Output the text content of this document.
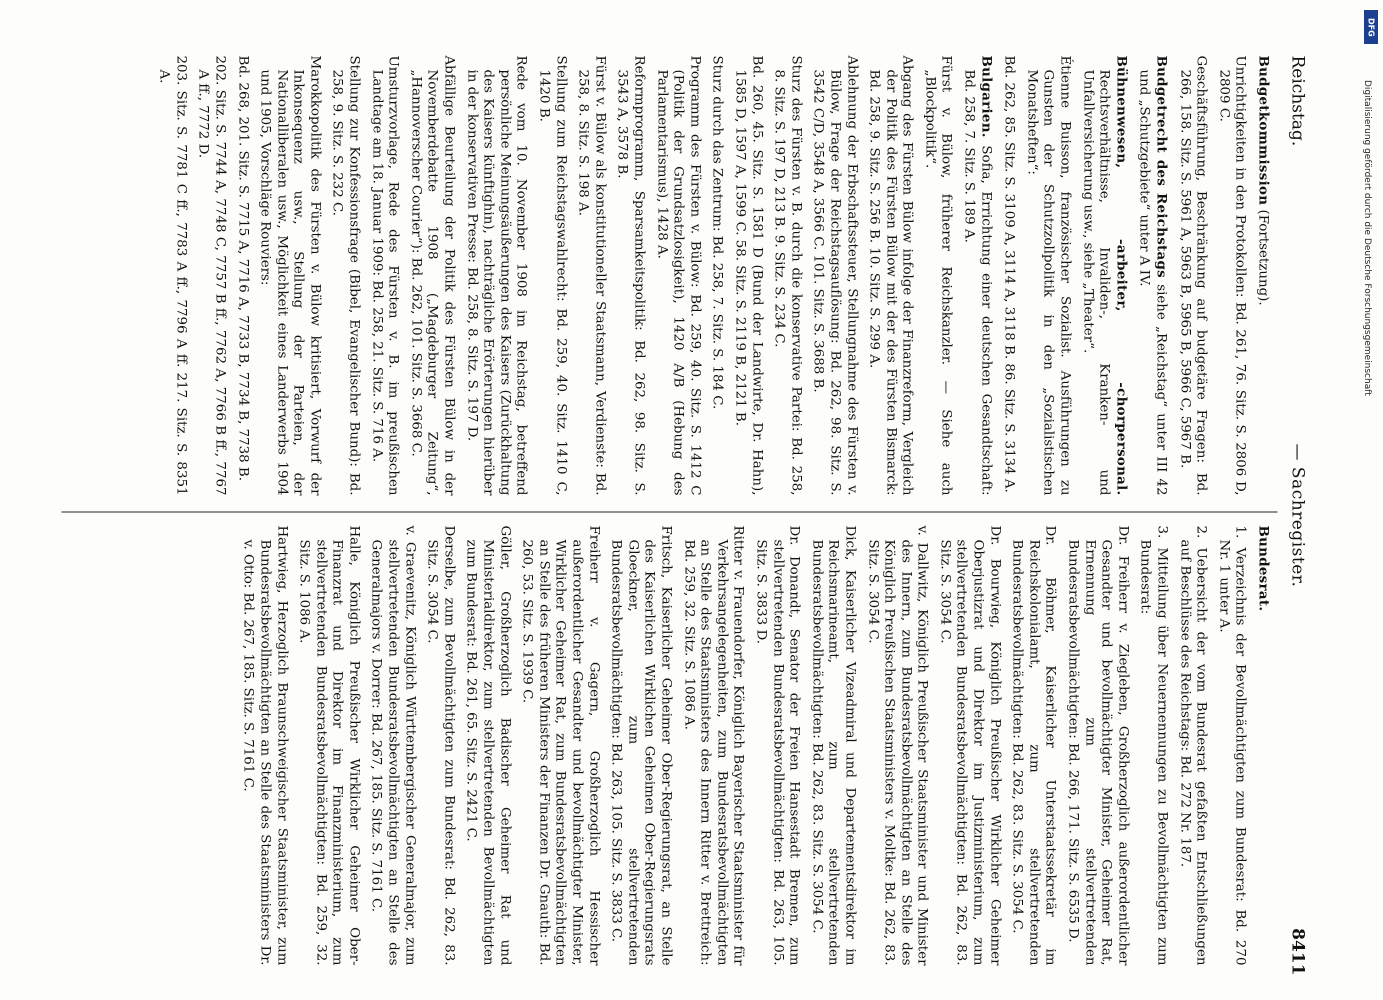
Reichstag.
— Sachregister.
8411
Budgetkommission (Fortsetzung).
Unrichtigkeiten in den Protokollen: Bd. 261, 76. Sitz. S. 2806 D, 2809 C.
Geschäftsführung, Beschränkung auf budgetäre Fragen: Bd. 266, 158. Sitz. S. 5961 A, 5963 B, 5965 B, 5966 C, 5967 B.
Budgetrecht des Reichstags siehe „Reichstag“ unter III 42 und „Schutzgebiete“ unter A IV.
Bühnenwesen, -arbeiter, -chorpersonal. Rechtsverhältnisse, Invaliden-, Kranken- und Unfallversicherung usw., siehe „Theater“.
Étienne Buisson, französischer Sozialist. Ausführungen zu Gunsten der Schutzzollpolitik in den „Sozialistischen Monatsheften“:
Bd. 262, 85. Sitz. S. 3109 A, 3114 A, 3118 B. 86. Sitz. S. 3134 A.
Bulgarien. Sofia, Errichtung einer deutschen Gesandtschaft: Bd. 258, 7. Sitz. S. 189 A.
Fürst v. Bülow, früherer Reichskanzler. — Siehe auch „Blockpolitik“.
Abgang des Fürsten Bülow infolge der Finanzreform, Vergleich der Politik des Fürsten Bülow mit der des Fürsten Bismarck: Bd. 258, 9. Sitz. S. 256 B. 10. Sitz. S. 299 A.
Ablehnung der Erbschaftssteuer, Stellungnahme des Fürsten v. Bülow, Frage der Reichstagsauflösung: Bd. 262, 98. Sitz. S. 3542 C/D, 3548 A, 3566 C. 101. Sitz. S. 3688 B.
Sturz des Fürsten v. B. durch die konservative Partei: Bd. 258, 8. Sitz. S. 197 D, 213 B. 9. Sitz. S. 234 C.
Bd. 260, 45. Sitz. S. 1581 D (Bund der Landwirte, Dr. Hahn), 1585 D, 1597 A, 1599 C. 58. Sitz. S. 2119 B, 2121 B.
Sturz durch das Zentrum: Bd. 258, 7. Sitz. S. 184 C.
Programm des Fürsten v. Bülow: Bd. 259, 40. Sitz. S. 1412 C (Politik der Grundsatzlosigkeit), 1420 A/B (Hebung des Parlamentarismus), 1428 A.
Reformprogramm, Sparsamkeitspolitik: Bd. 262, 98. Sitz. S. 3543 A, 3578 B.
Fürst v. Bülow als konstitutioneller Staatsmann, Verdienste: Bd. 258, 8. Sitz. S. 198 A.
Stellung zum Reichstagswahlrecht: Bd. 259, 40. Sitz. 1410 C, 1420 B.
Rede vom 10. November 1908 im Reichstag, betreffend persönliche Meinungsäußerungen des Kaisers (Zurückhaltung des Kaisers künftighin), nachträgliche Erörterungen hierüber in der konservativen Presse: Bd. 258, 8. Sitz. S. 197 D.
Abfällige Beurteilung der Politik des Fürsten Bülow in der Novemberdebatte 1908 („Magdeburger Zeitung“, „Hannoverscher Courier“): Bd. 262, 101. Sitz. S. 3668 C.
Umsturzvorlage, Rede des Fürsten v. B. im preußischen Landtage am 18. Januar 1909: Bd. 258, 21. Sitz. S. 716 A.
Stellung zur Konfessionsfrage (Bibel, Evangelischer Bund): Bd. 258, 9. Sitz. S. 232 C.
Marokkopolitik des Fürsten v. Bülow kritisiert, Vorwurf der Inkonsequenz usw., Stellung der Parteien, der Nationalliberalen usw., Möglichkeit eines Landerwerbs 1904 und 1905, Vorschläge Rouviers:
Bd. 268, 201. Sitz. S. 7715 A, 7716 A, 7733 B, 7734 B, 7738 B.
202. Sitz. S. 7744 A, 7748 C, 7757 B ff., 7762 A, 7766 B ff., 7767 A ff., 7772 D.
203. Sitz. S. 7781 C ff., 7783 A ff., 7796 A ff. 217. Sitz. S. 8351 A.
Bundesrat.
1.Verzeichnis der Bevollmächtigten zum Bundesrat: Bd. 270 Nr. 1 unter A.
2.Uebersicht der vom Bundesrat gefaßten Entschließungen auf Beschlüsse des Reichstags: Bd. 272 Nr. 187.
3.Mitteilung über Neuernennungen zu Bevollmächtigten zum Bundesrat:
Dr. Freiherr v. Ziegleben, Großherzoglich außerordentlicher Gesandter und bevollmächtigter Minister, Geheimer Rat, Ernennung zum stellvertretenden Bundesratsbevollmächtigten: Bd. 266, 171. Sitz. S. 6535 D.
Dr. Böhmer, Kaiserlicher Unterstaatssekretär im Reichskolonialamt, zum stellvertretenden Bundesratsbevollmächtigten: Bd. 262, 83. Sitz. S. 3054 C.
Dr. Bourwieg, Königlich Preußischer Wirklicher Geheimer Oberjustizrat und Direktor im Justizministerium, zum stellvertretenden Bundesratsbevollmächtigten: Bd. 262, 83. Sitz. S. 3054 C.
v. Dallwitz, Königlich Preußischer Staatsminister und Minister des Innern, zum Bundesratsbevollmächtigten an Stelle des Königlich Preußischen Staatsministers v. Moltke: Bd. 262, 83. Sitz. S. 3054 C.
Dick, Kaiserlicher Vizeadmiral und Departementsdirektor im Reichsmarineamt, zum stellvertretenden Bundesratsbevollmächtigten: Bd. 262, 83. Sitz. S. 3054 C.
Dr. Donandt, Senator der Freien Hansestadt Bremen, zum stellvertretenden Bundesratsbevollmächtigten: Bd. 263, 105. Sitz. S. 3833 D.
Ritter v. Frauendorfer, Königlich Bayerischer Staatsminister für Verkehrsangelegenheiten, zum Bundesratsbevollmächtigten an Stelle des Staatsministers des Innern Ritter v. Brettreich: Bd. 259, 32. Sitz. S. 1086 A.
Fritsch, Kaiserlicher Geheimer Ober-Regierungsrat, an Stelle des Kaiserlichen Wirklichen Geheimen Ober-Regierungsrats Gloeckner, zum stellvertretenden Bundesratsbevollmächtigten: Bd. 263, 105. Sitz. S. 3833 C.
Freiherr v. Gagern, Großherzoglich Hessischer außerordentlicher Gesandter und bevollmächtigter Minister, Wirklicher Geheimer Rat, zum Bundesratsbevollmächtigten an Stelle des früheren Ministers der Finanzen Dr. Gnauth: Bd. 260, 53. Sitz. S. 1939 C.
Göller, Großherzoglich Badischer Geheimer Rat und Ministerialdirektor, zum stellvertretenden Bevollmächtigten zum Bundesrat: Bd. 261, 65. Sitz. S. 2421 C.
Derselbe, zum Bevollmächtigten zum Bundesrat: Bd. 262, 83. Sitz. S. 3054 C.
v. Graevenitz, Königlich Württembergischer Generalmajor, zum stellvertretenden Bundesratsbevollmächtigten an Stelle des Generalmajors v. Dorrer: Bd. 267, 185. Sitz. S. 7161 C.
Halle, Königlich Preußischer Wirklicher Geheimer Ober-Finanzrat und Direktor im Finanzministerium, zum stellvertretenden Bundesratsbevollmächtigten: Bd. 259, 32. Sitz. S. 1086 A.
Hartwieg, Herzoglich Braunschweigischer Staatsminister, zum Bundesratsbevollmächtigten an Stelle des Staatsministers Dr. v. Otto: Bd. 267, 185. Sitz. S. 7161 C.
DFG
Digitalisierung gefördert durch die Deutsche Forschungsgemeinschaft
